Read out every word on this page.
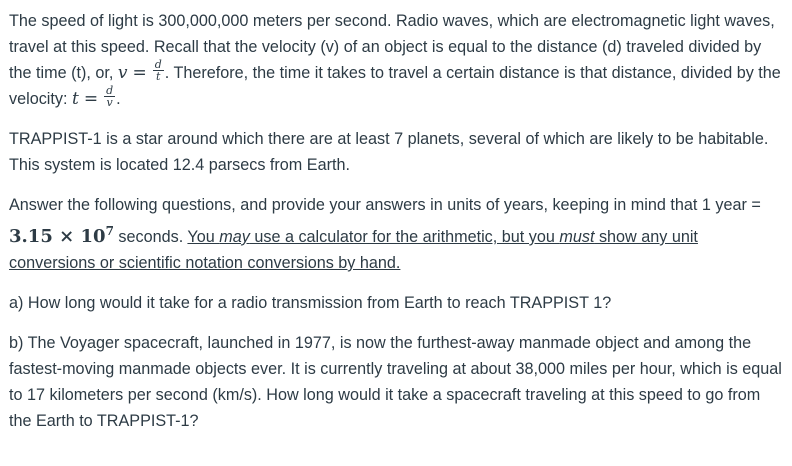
The speed of light is 300,000,000 meters per second. Radio waves, which are electromagnetic light waves, travel at this speed. Recall that the velocity (v) of an object is equal to the distance (d) traveled divided by the time (t), or, $v = \frac{d}{t}$ . Therefore, the time it takes to travel a certain distance is that distance, divided by the velocity: $t = \frac{d}{v}$ .

TRAPPIST-1 is a star around which there are at least 7 planets, several of which are likely to be habitable. This system is located 12.4 parsecs from Earth.

Answer the following questions, and provide your answers in units of years, keeping in mind that 1 year = $3.15 \times 10^7$ seconds. You may use a calculator for the arithmetic, but you must show any unit conversions or scientific notation conversions by hand.

a) How long would it take for a radio transmission from Earth to reach TRAPPIST 1?

b) The Voyager spacecraft, launched in 1977, is now the furthest-away manmade object and among the fastest-moving manmade objects ever. It is currently traveling at about 38,000 miles per hour, which is equal to 17 kilometers per second (km/s). How long would it take a spacecraft traveling at this speed to go from the Earth to TRAPPIST-1?
